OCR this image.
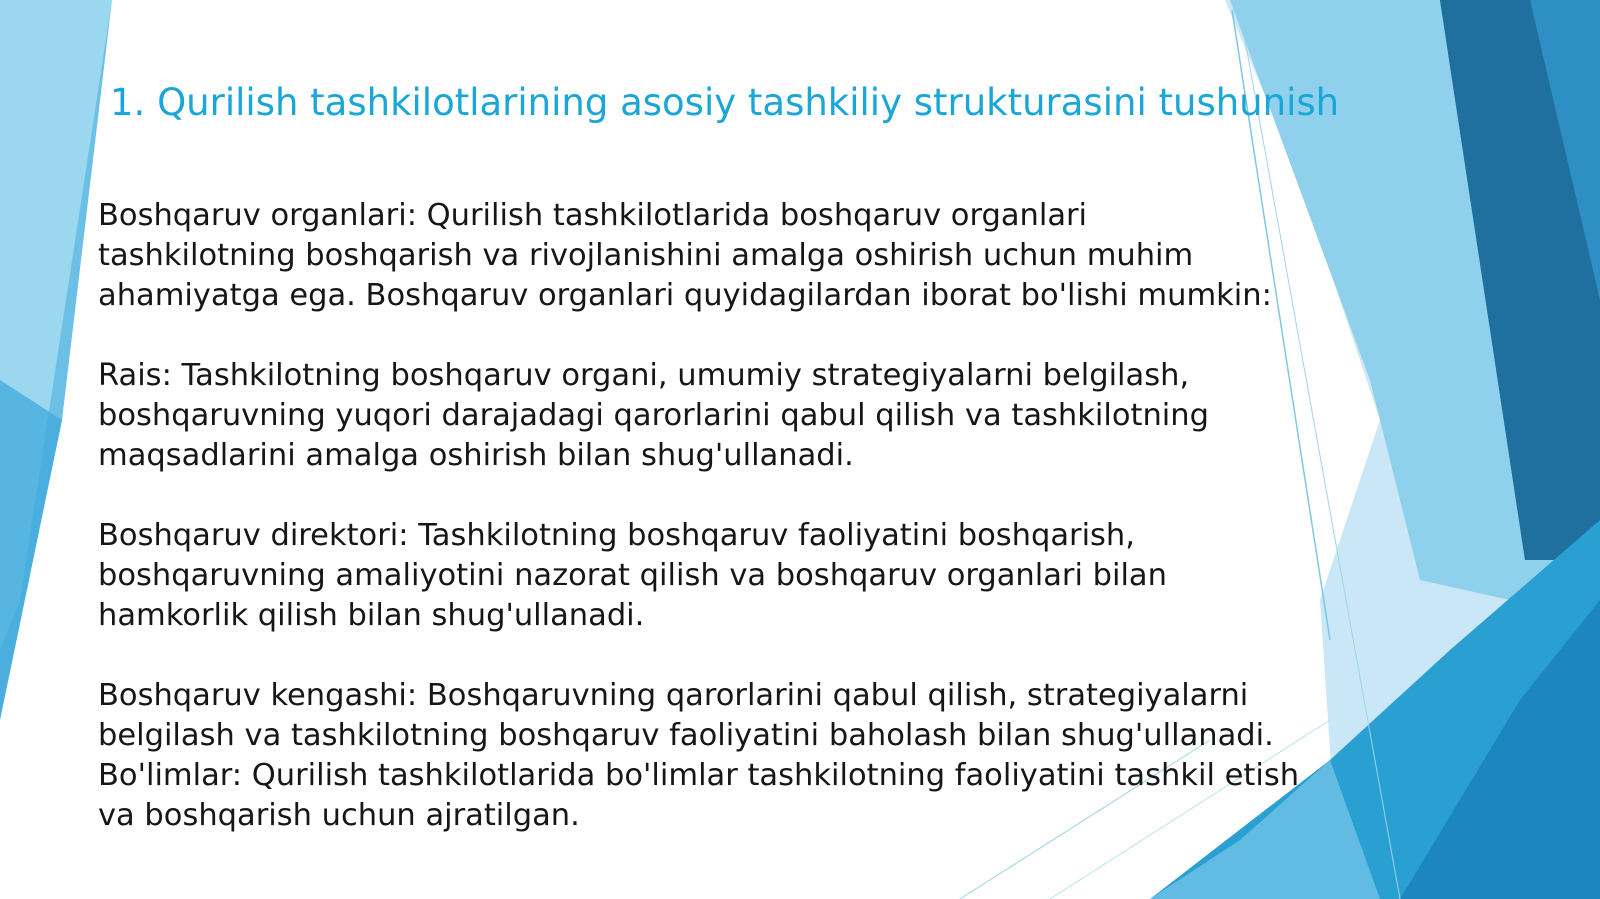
1. Qurilish tashkilotlarining asosiy tashkiliy strukturasini tushunish

Boshqaruv organlari: Qurilish tashkilotlarida boshqaruv organlari
tashkilotning boshqarish va rivojlanishini amalga oshirish uchun muhim
ahamiyatga ega. Boshqaruv organlari quyidagilardan iborat bo'lishi mumkin:

Rais: Tashkilotning boshqaruv organi, umumiy strategiyalarni belgilash,
boshqaruvning yuqori darajadagi qarorlarini qabul qilish va tashkilotning
maqsadlarini amalga oshirish bilan shug'ullanadi.

Boshqaruv direktori: Tashkilotning boshqaruv faoliyatini boshqarish,
boshqaruvning amaliyotini nazorat qilish va boshqaruv organlari bilan
hamkorlik qilish bilan shug'ullanadi.

Boshqaruv kengashi: Boshqaruvning qarorlarini qabul qilish, strategiyalarni
belgilash va tashkilotning boshqaruv faoliyatini baholash bilan shug'ullanadi.
Bo'limlar: Qurilish tashkilotlarida bo'limlar tashkilotning faoliyatini tashkil etish
va boshqarish uchun ajratilgan.
